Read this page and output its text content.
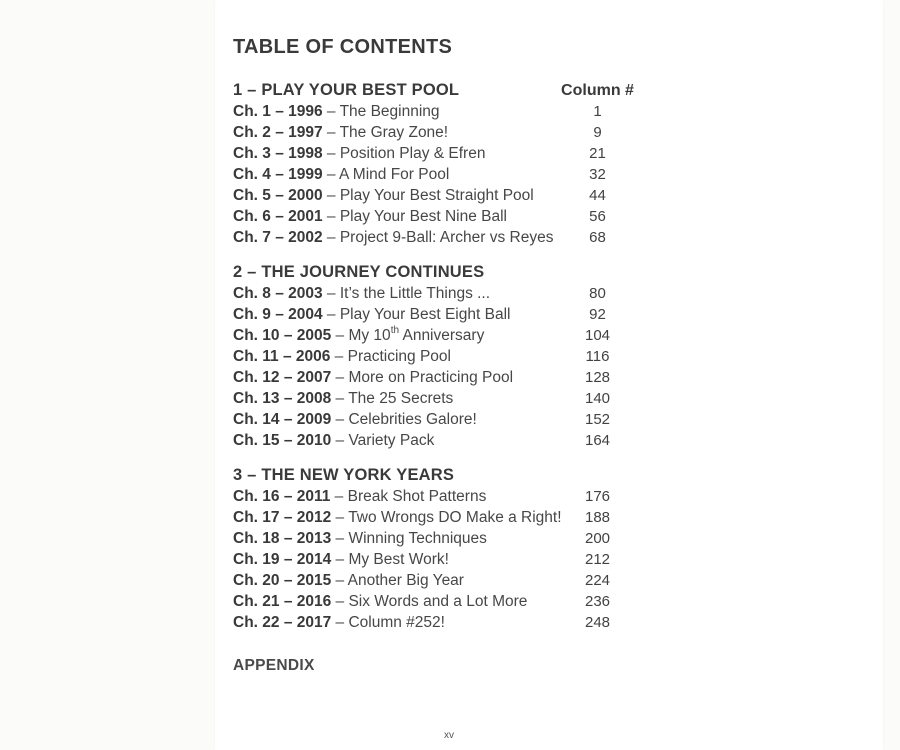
TABLE OF CONTENTS
1 – PLAY YOUR BEST POOL	Column #
Ch. 1 – 1996 – The Beginning	1
Ch. 2 – 1997 – The Gray Zone!	9
Ch. 3 – 1998 – Position Play & Efren	21
Ch. 4 – 1999 – A Mind For Pool	32
Ch. 5 – 2000 – Play Your Best Straight Pool	44
Ch. 6 – 2001 – Play Your Best Nine Ball	56
Ch. 7 – 2002 – Project 9-Ball: Archer vs Reyes	68
2 – THE JOURNEY CONTINUES
Ch. 8 – 2003 – It’s the Little Things ...	80
Ch. 9 – 2004 – Play Your Best Eight Ball	92
Ch. 10 – 2005 – My 10th Anniversary	104
Ch. 11 – 2006 – Practicing Pool	116
Ch. 12 – 2007 – More on Practicing Pool	128
Ch. 13 – 2008 – The 25 Secrets	140
Ch. 14 – 2009 – Celebrities Galore!	152
Ch. 15 – 2010 – Variety Pack	164
3 – THE NEW YORK YEARS
Ch. 16 – 2011 – Break Shot Patterns	176
Ch. 17 – 2012 – Two Wrongs DO Make a Right!	188
Ch. 18 – 2013 – Winning Techniques	200
Ch. 19 – 2014 – My Best Work!	212
Ch. 20 – 2015 – Another Big Year	224
Ch. 21 – 2016 – Six Words and a Lot More	236
Ch. 22 – 2017 – Column #252!	248
APPENDIX
xv
